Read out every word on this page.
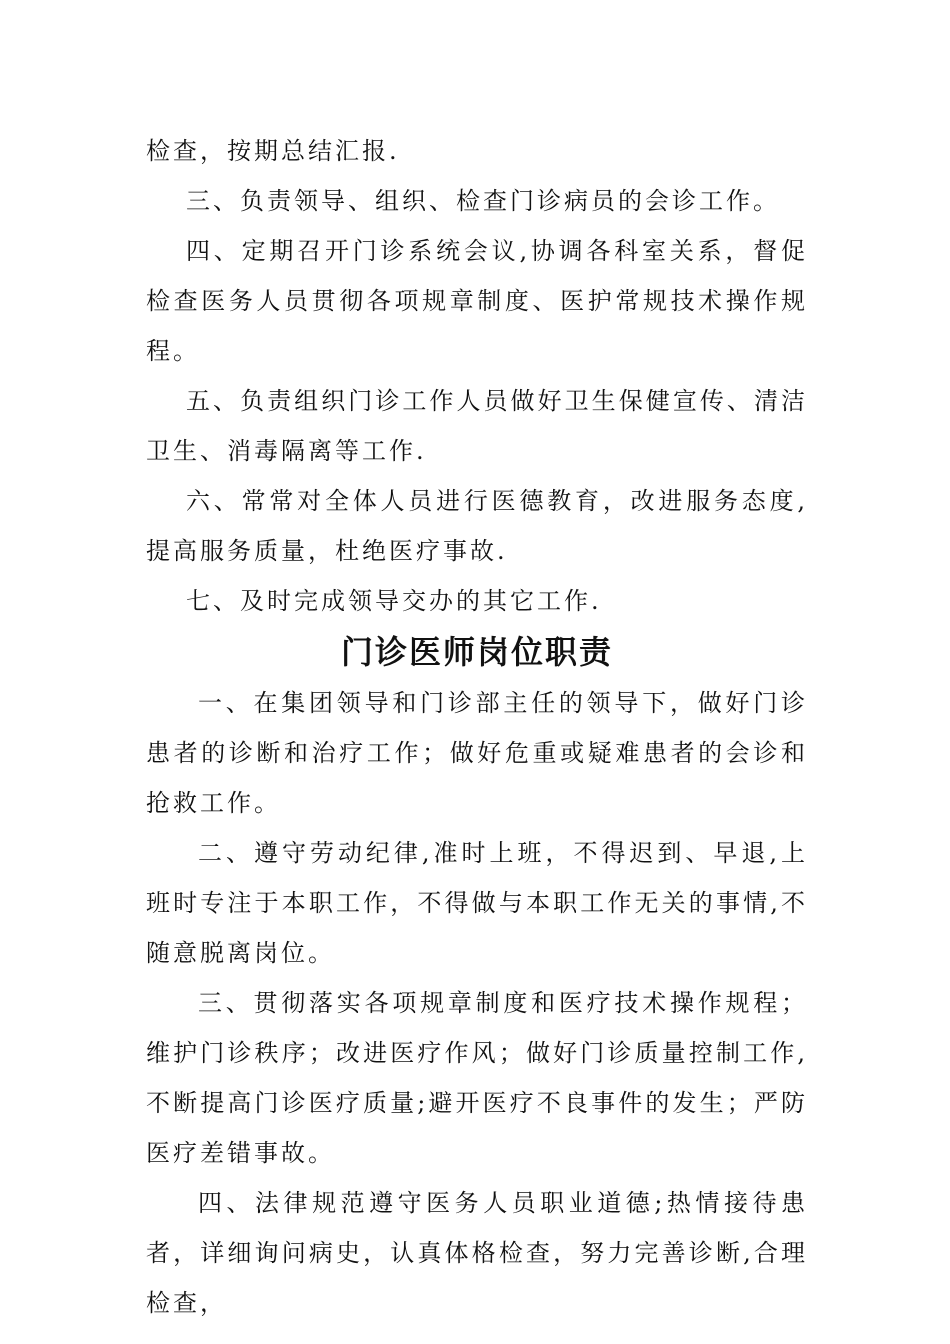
检查，按期总结汇报.

三、负责领导、组织、检查门诊病员的会诊工作。

四、定期召开门诊系统会议,协调各科室关系，督促检查医务人员贯彻各项规章制度、医护常规技术操作规程。

五、负责组织门诊工作人员做好卫生保健宣传、清洁卫生、消毒隔离等工作.

六、常常对全体人员进行医德教育，改进服务态度,提高服务质量，杜绝医疗事故.

七、及时完成领导交办的其它工作.

门诊医师岗位职责

一、在集团领导和门诊部主任的领导下，做好门诊患者的诊断和治疗工作；做好危重或疑难患者的会诊和抢救工作。

二、遵守劳动纪律,准时上班，不得迟到、早退,上班时专注于本职工作，不得做与本职工作无关的事情,不随意脱离岗位。

三、贯彻落实各项规章制度和医疗技术操作规程；维护门诊秩序；改进医疗作风；做好门诊质量控制工作,不断提高门诊医疗质量;避开医疗不良事件的发生；严防医疗差错事故。

四、法律规范遵守医务人员职业道德;热情接待患者，详细询问病史，认真体格检查，努力完善诊断,合理检查，
